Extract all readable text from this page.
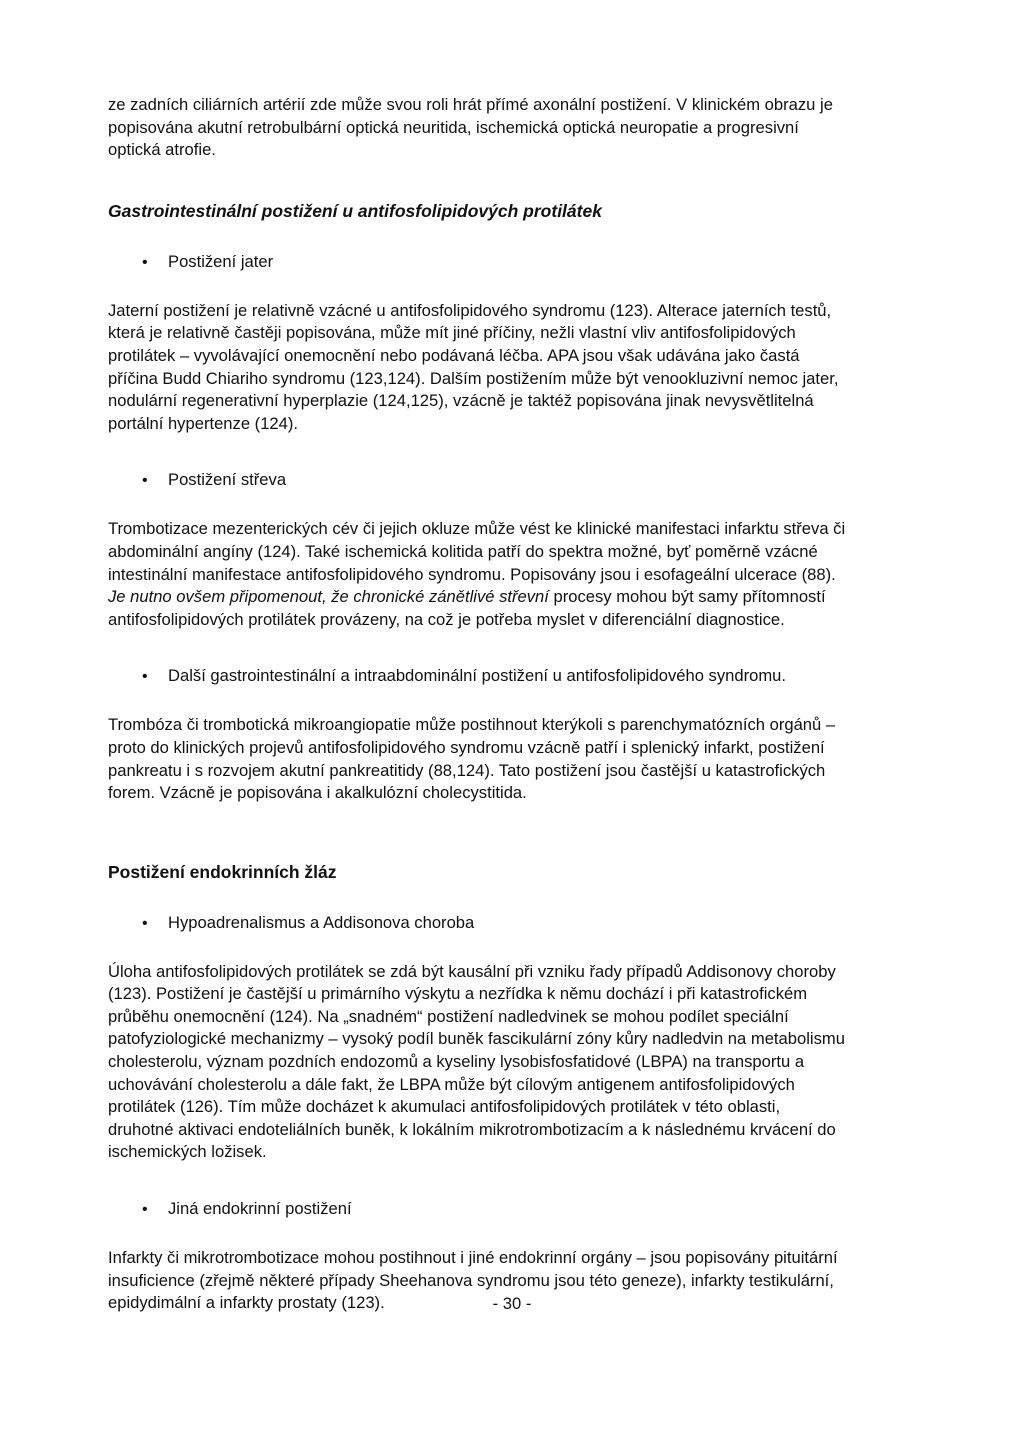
ze zadních ciliárních artérií zde může svou roli hrát přímé axonální postižení. V klinickém obrazu je popisována akutní retrobulbární optická neuritida, ischemická optická neuropatie a progresivní optická atrofie.

Gastrointestinální postižení u antifosfolipidových protilátek
•	Postižení jater

Jaterní postižení je relativně vzácné u antifosfolipidového syndromu (123). Alterace jaterních testů, která je relativně častěji popisována, může mít jiné příčiny, nežli vlastní vliv antifosfolipidových protilátek – vyvolávající onemocnění nebo podávaná léčba. APA jsou však udávána jako častá příčina Budd Chiariho syndromu (123,124). Dalším postižením může být venookluzivní nemoc jater, nodulární regenerativní hyperplazie (124,125), vzácně je taktéž popisována jinak nevysvětlitelná portální hypertenze (124).

•	Postižení střeva

Trombotizace mezenterických cév či jejich okluze může vést ke klinické manifestaci infarktu střeva či abdominální angíny (124). Také ischemická kolitida patří do spektra možné, byť poměrně vzácné intestinální manifestace antifosfolipidového syndromu. Popisovány jsou i esofageální ulcerace (88). Je nutno ovšem připomenout, že chronické zánětlivé střevní procesy mohou být samy přítomností antifosfolipidových protilátek provázeny, na což je potřeba myslet v diferenciální diagnostice.

•	Další gastrointestinální a intraabdominální postižení u antifosfolipidového syndromu.

Trombóza či trombotická mikroangiopatie může postihnout kterýkoli s parenchymatózních orgánů – proto do klinických projevů antifosfolipidového syndromu vzácně patří i splenický infarkt, postižení pankreatu i s rozvojem akutní pankreatitidy (88,124). Tato postižení jsou častější u katastrofických forem. Vzácně je popisována i akalkulózní cholecystitida.

Postižení endokrinních žláz
•	Hypoadrenalismus a Addisonova choroba

Úloha antifosfolipidových protilátek se zdá být kausální při vzniku řady případů Addisonovy choroby (123). Postižení je častější u primárního výskytu a nezřídka k němu dochází i při katastrofickém průběhu onemocnění (124). Na „snadném“ postižení nadledvinek se mohou podílet speciální patofyziologické mechanizmy – vysoký podíl buněk fascikulární zóny kůry nadledvin na metabolismu cholesterolu, význam pozdních endozomů a kyseliny lysobisfosfatidové (LBPA) na transportu a uchovávání cholesterolu a dále fakt, že LBPA může být cílovým antigenem antifosfolipidových protilátek (126). Tím může docházet k akumulaci antifosfolipidových protilátek v této oblasti, druhotné aktivaci endoteliálních buněk, k lokálním mikrotrombotizacím a k následnému krvácení do ischemických ložisek.

•	Jiná endokrinní postižení

Infarkty či mikrotrombotizace mohou postihnout i jiné endokrinní orgány – jsou popisovány pituitární insuficience (zřejmě některé případy Sheehanova syndromu jsou této geneze), infarkty testikulární, epidydimální a infarkty prostaty (123).	- 30 -
